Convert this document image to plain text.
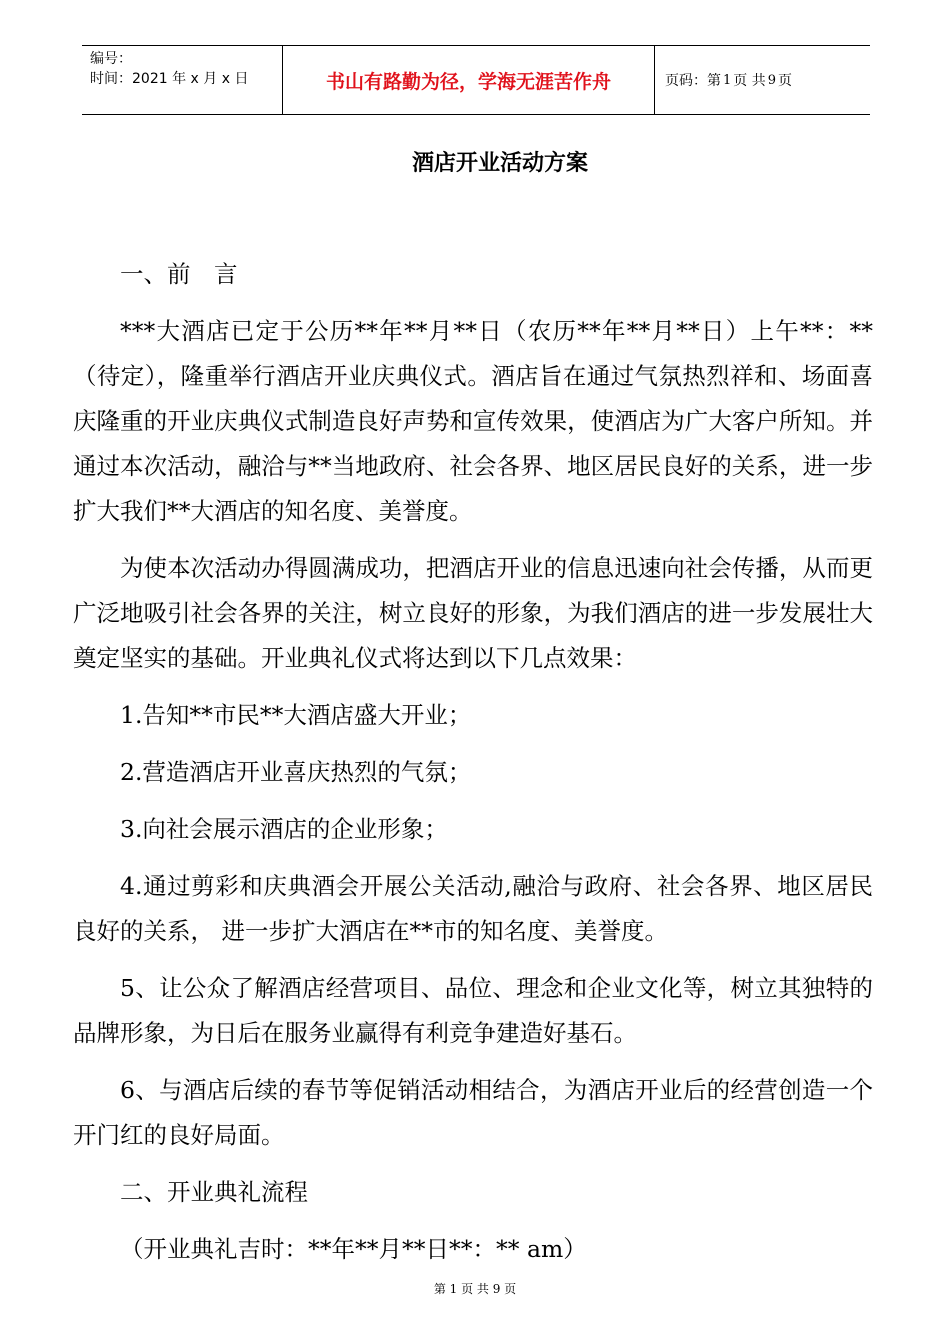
编号：
时间：2021 年 x 月 x 日	书山有路勤为径，学海无涯苦作舟	页码：第 1 页 共 9 页
酒店开业活动方案

一、前　言

***大酒店已定于公历**年**月**日（农历**年**月**日）上午**：**（待定），隆重举行酒店开业庆典仪式。酒店旨在通过气氛热烈祥和、场面喜庆隆重的开业庆典仪式制造良好声势和宣传效果，使酒店为广大客户所知。并通过本次活动，融洽与**当地政府、社会各界、地区居民良好的关系，进一步扩大我们**大酒店的知名度、美誉度。

为使本次活动办得圆满成功，把酒店开业的信息迅速向社会传播，从而更广泛地吸引社会各界的关注，树立良好的形象，为我们酒店的进一步发展壮大奠定坚实的基础。开业典礼仪式将达到以下几点效果：

1.告知**市民**大酒店盛大开业；

2.营造酒店开业喜庆热烈的气氛；

3.向社会展示酒店的企业形象；

4.通过剪彩和庆典酒会开展公关活动,融洽与政府、社会各界、地区居民良好的关系， 进一步扩大酒店在**市的知名度、美誉度。

5、让公众了解酒店经营项目、品位、理念和企业文化等，树立其独特的品牌形象，为日后在服务业赢得有利竞争建造好基石。

6、与酒店后续的春节等促销活动相结合，为酒店开业后的经营创造一个开门红的良好局面。

二、开业典礼流程

（开业典礼吉时：**年**月**日**：** am）

第 1 页 共 9 页
